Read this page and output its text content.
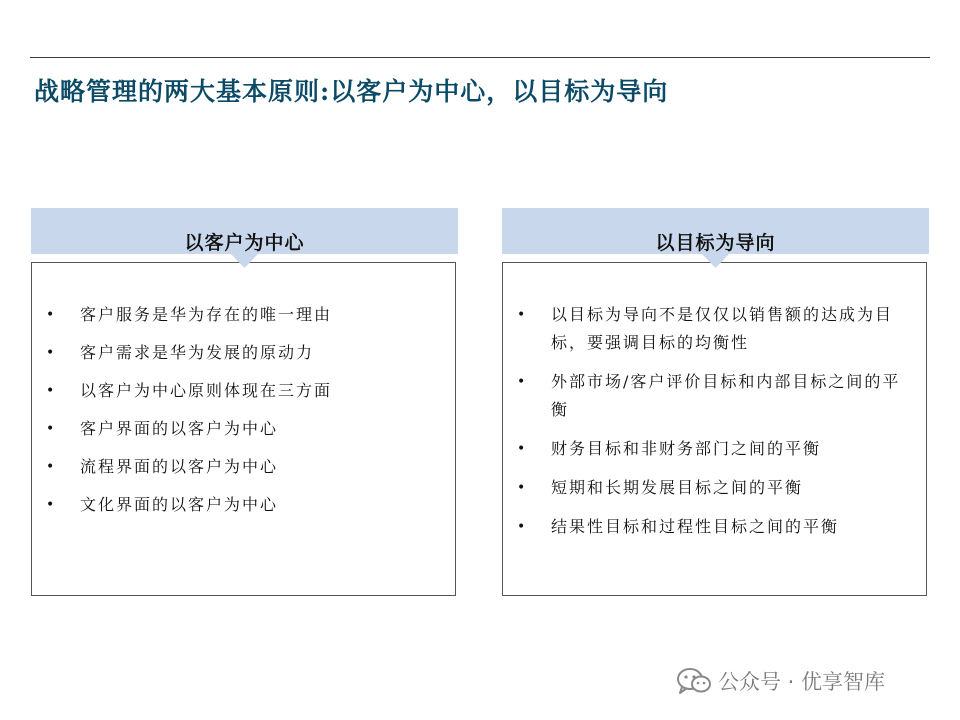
战略管理的两大基本原则:以客户为中心，以目标为导向
• 客户服务是华为存在的唯一理由
• 客户需求是华为发展的原动力
• 以客户为中心原则体现在三方面
• 客户界面的以客户为中心
• 流程界面的以客户为中心
• 文化界面的以客户为中心
以客户为中心
• 以目标为导向不是仅仅以销售额的达成为目标，要强调目标的均衡性
• 外部市场/客户评价目标和内部目标之间的平衡
• 财务目标和非财务部门之间的平衡
• 短期和长期发展目标之间的平衡
• 结果性目标和过程性目标之间的平衡
以目标为导向
公众号 · 优享智库
